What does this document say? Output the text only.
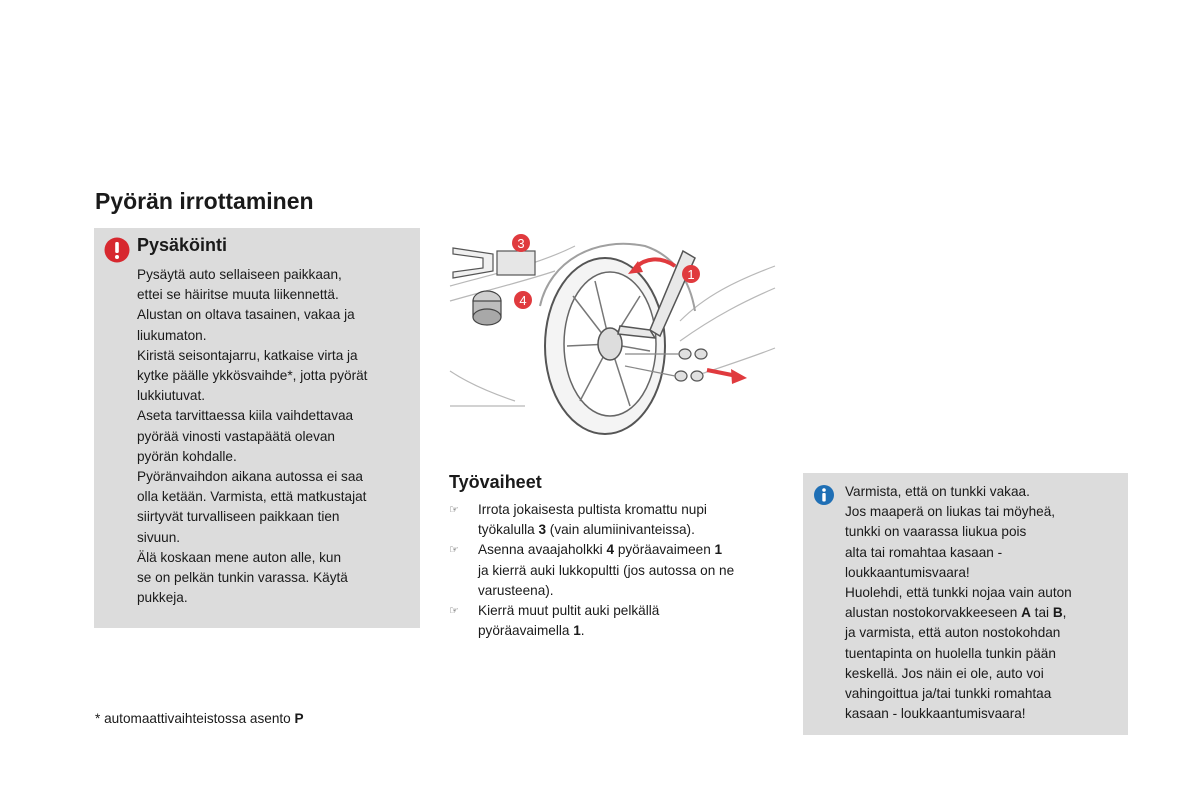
Pyörän irrottaminen
Pysäköinti
Pysäytä auto sellaiseen paikkaan,
ettei se häiritse muuta liikennettä.
Alustan on oltava tasainen, vakaa ja
liukumaton.
Kiristä seisontajarru, katkaise virta ja
kytke päälle ykkösvaihde*, jotta pyörät
lukkiutuvat.
Aseta tarvittaessa kiila vaihdettavaa
pyörää vinosti vastapäätä olevan
pyörän kohdalle.
Pyöränvaihdon aikana autossa ei saa
olla ketään. Varmista, että matkustajat
siirtyvät turvalliseen paikkaan tien
sivuun.
Älä koskaan mene auton alle, kun
se on pelkän tunkin varassa. Käytä
pukkeja.
* automaattivaihteistossa asento P
3
4
1
Työvaiheet
☞ Irrota jokaisesta pultista kromattu nupi
työkalulla 3 (vain alumiinivanteissa).
☞ Asenna avaajaholkki 4 pyöräavaimeen 1
ja kierrä auki lukkopultti (jos autossa on ne
varusteena).
☞ Kierrä muut pultit auki pelkällä
pyöräavaimella 1.
Varmista, että on tunkki vakaa.
Jos maaperä on liukas tai möyheä,
tunkki on vaarassa liukua pois
alta tai romahtaa kasaan -
loukkaantumisvaara!
Huolehdi, että tunkki nojaa vain auton
alustan nostokorvakkeeseen A tai B,
ja varmista, että auton nostokohdan
tuentapinta on huolella tunkin pään
keskellä. Jos näin ei ole, auto voi
vahingoittua ja/tai tunkki romahtaa
kasaan - loukkaantumisvaara!
